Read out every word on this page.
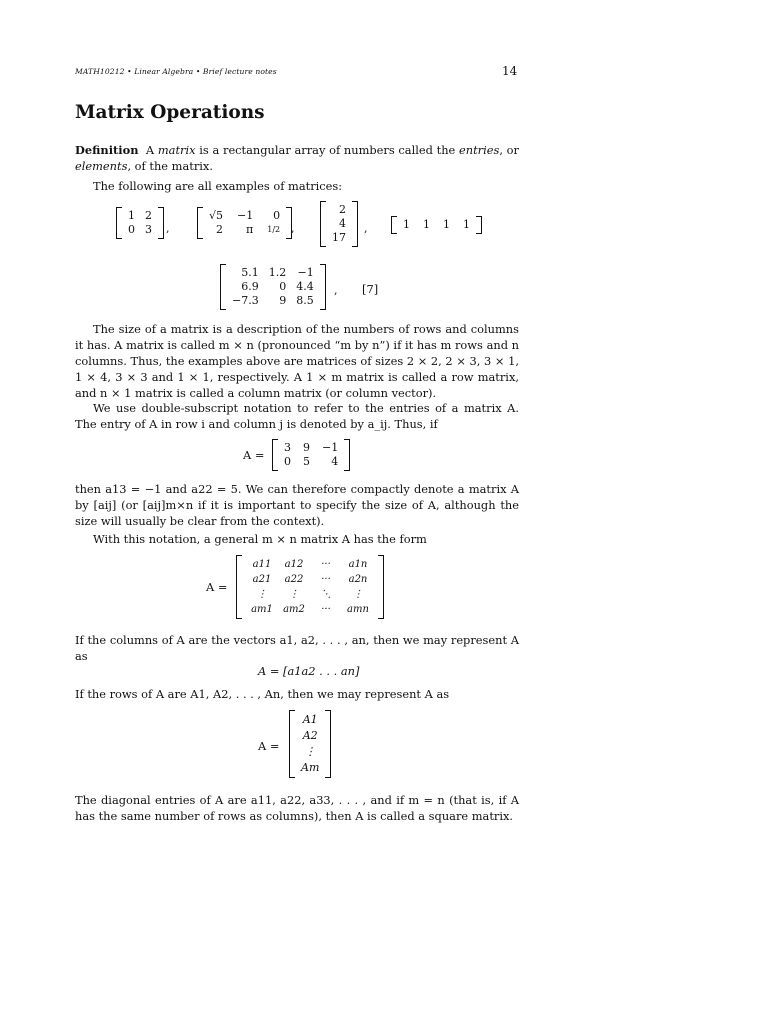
MATH10212 • Linear Algebra • Brief lecture notes	14
Matrix Operations
Definition A matrix is a rectangular array of numbers called the entries, or elements, of the matrix.
The following are all examples of matrices:
1 2
0 3 ,
√5 −1	0
2	π 1/2 ,
2
4
17
,	1 1 1 1
5.1 1.2 −1
6.9	0 4.4
−7.3	9 8.5
, [7]
The size of a matrix is a description of the numbers of rows and columns it has. A matrix is called m × n (pronounced “m by n”) if it has m rows and n columns. Thus, the examples above are matrices of sizes 2 × 2, 2 × 3, 3 × 1, 1 × 4, 3 × 3 and 1 × 1, respectively. A 1 × m matrix is called a row matrix, and n × 1 matrix is called a column matrix (or column vector).
We use double-subscript notation to refer to the entries of a matrix A. The entry of A in row i and column j is denoted by a_ij. Thus, if
A =
3 9 −1
0 5	4
then a13 = −1 and a22 = 5. We can therefore compactly denote a matrix A by [aij] (or [aij]m×n if it is important to specify the size of A, although the size will usually be clear from the context).
With this notation, a general m × n matrix A has the form
A =
a11	a12	···	a1n
a21	a22	···	a2n
⋮	⋮	⋱	⋮
am1	am2	···	amn
If the columns of A are the vectors a1, a2, . . . , an, then we may represent A as
A = [a1a2 . . . an]
If the rows of A are A1, A2, . . . , An, then we may represent A as
A =
A1
A2
⋮
Am
The diagonal entries of A are a11, a22, a33, . . . , and if m = n (that is, if A has the same number of rows as columns), then A is called a square matrix.
